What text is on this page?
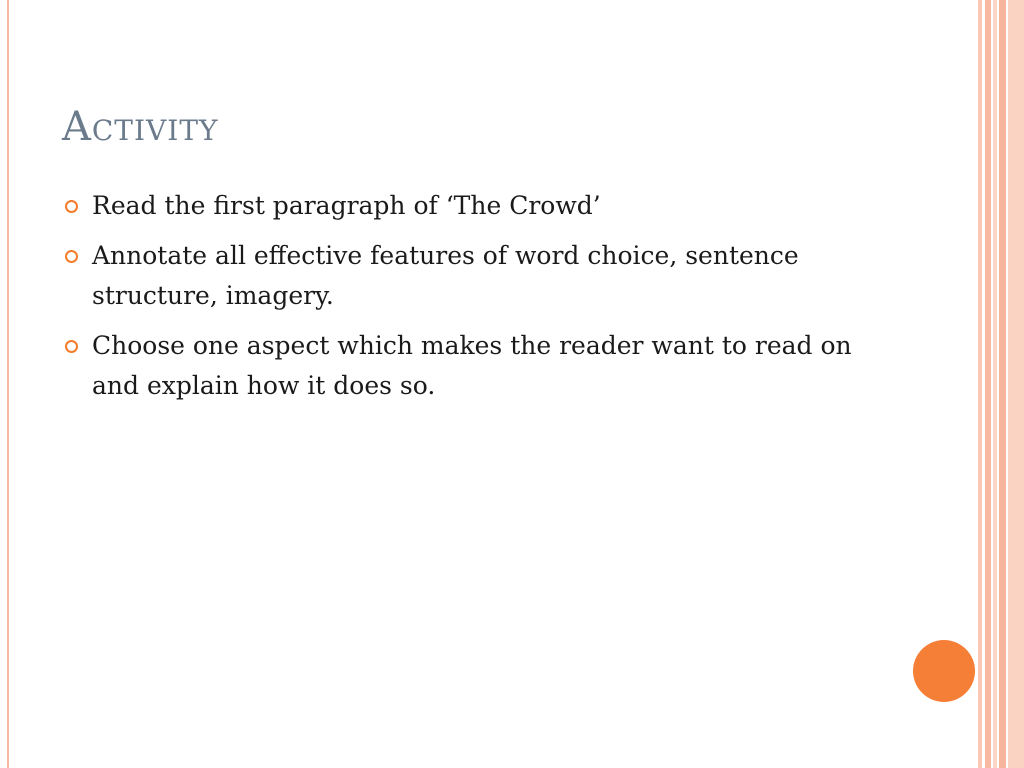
Activity
Read the first paragraph of ‘The Crowd’
Annotate all effective features of word choice, sentence structure, imagery.
Choose one aspect which makes the reader want to read on and explain how it does so.
